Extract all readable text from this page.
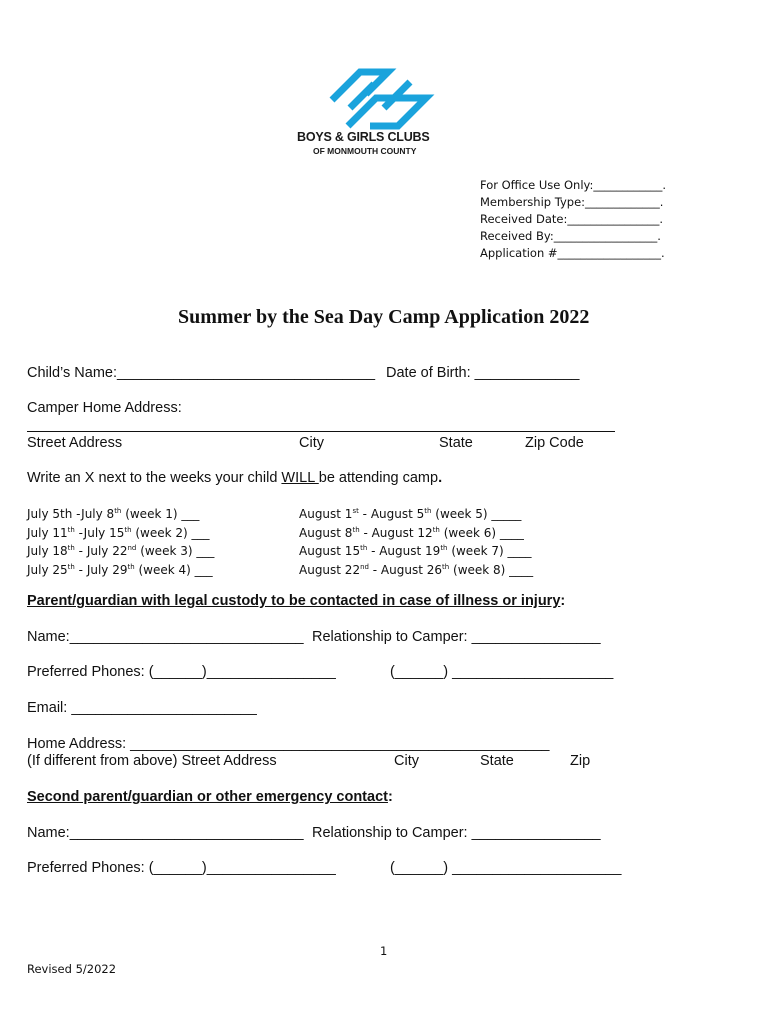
BOYS & GIRLS CLUBS
OF MONMOUTH COUNTY
For Office Use Only:____________.
Membership Type:_____________.
Received Date:________________.
Received By:__________________.
Application #__________________.
Summer by the Sea Day Camp Application 2022
Child’s Name:________________________________ Date of Birth: _____________
Camper Home Address:
Street Address	City	State	Zip Code
Write an X next to the weeks your child WILL be attending camp.
July 5th -July 8th (week 1) ___
July 11th -July 15th (week 2) ___
July 18th - July 22nd (week 3) ___
July 25th - July 29th (week 4) ___
August 1st - August 5th (week 5) _____
August 8th - August 12th (week 6) ____
August 15th - August 19th (week 7) ____
August 22nd - August 26th (week 8) ____
Parent/guardian with legal custody to be contacted in case of illness or injury:
Name:_____________________________ Relationship to Camper: ________________
Preferred Phones: (______)________________	(______) ____________________
Email: _______________________
Home Address: ____________________________________________________
(If different from above) Street Address	City	State	Zip
Second parent/guardian or other emergency contact:
Name:_____________________________ Relationship to Camper: ________________
Preferred Phones: (______)________________	(______) _____________________
1
Revised 5/2022
